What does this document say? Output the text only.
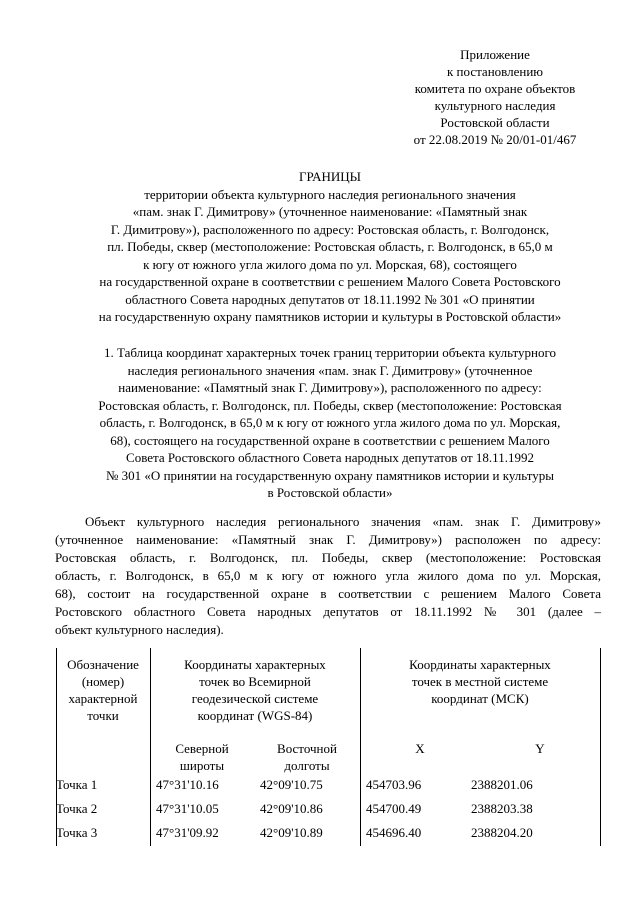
Приложение
к постановлению
комитета по охране объектов
культурного наследия
Ростовской области
от 22.08.2019 № 20/01-01/467
ГРАНИЦЫ
территории объекта культурного наследия регионального значения
«пам. знак Г. Димитрову» (уточненное наименование: «Памятный знак
Г. Димитрову»), расположенного по адресу: Ростовская область, г. Волгодонск,
пл. Победы, сквер (местоположение: Ростовская область, г. Волгодонск, в 65,0 м
к югу от южного угла жилого дома по ул. Морская, 68), состоящего
на государственной охране в соответствии с решением Малого Совета Ростовского
областного Совета народных депутатов от 18.11.1992 № 301 «О принятии
на государственную охрану памятников истории и культуры в Ростовской области»
1. Таблица координат характерных точек границ территории объекта культурного
наследия регионального значения «пам. знак Г. Димитрову» (уточненное
наименование: «Памятный знак Г. Димитрову»), расположенного по адресу:
Ростовская область, г. Волгодонск, пл. Победы, сквер (местоположение: Ростовская
область, г. Волгодонск, в 65,0 м к югу от южного угла жилого дома по ул. Морская,
68), состоящего на государственной охране в соответствии с решением Малого
Совета Ростовского областного Совета народных депутатов от 18.11.1992
№ 301 «О принятии на государственную охрану памятников истории и культуры
в Ростовской области»
Объект культурного наследия регионального значения «пам. знак Г. Димитрову»
(уточненное наименование: «Памятный знак Г. Димитрову») расположен по адресу:
Ростовская область, г. Волгодонск, пл. Победы, сквер (местоположение: Ростовская
область, г. Волгодонск, в 65,0 м к югу от южного угла жилого дома по ул. Морская,
68), состоит на государственной охране в соответствии с решением Малого Совета
Ростовского областного Совета народных депутатов от 18.11.1992 № 301 (далее –
объект культурного наследия).
Обозначение
(номер)
характерной
точки
Координаты характерных
точек во Всемирной
геодезической системе
координат (WGS-84)
Координаты характерных
точек в местной системе
координат (МСК)
Северной
широты
Восточной
долготы
X	Y
Точка 1	47°31'10.16	42°09'10.75	454703.96	2388201.06
Точка 2	47°31'10.05	42°09'10.86	454700.49	2388203.38
Точка 3	47°31'09.92	42°09'10.89	454696.40	2388204.20
